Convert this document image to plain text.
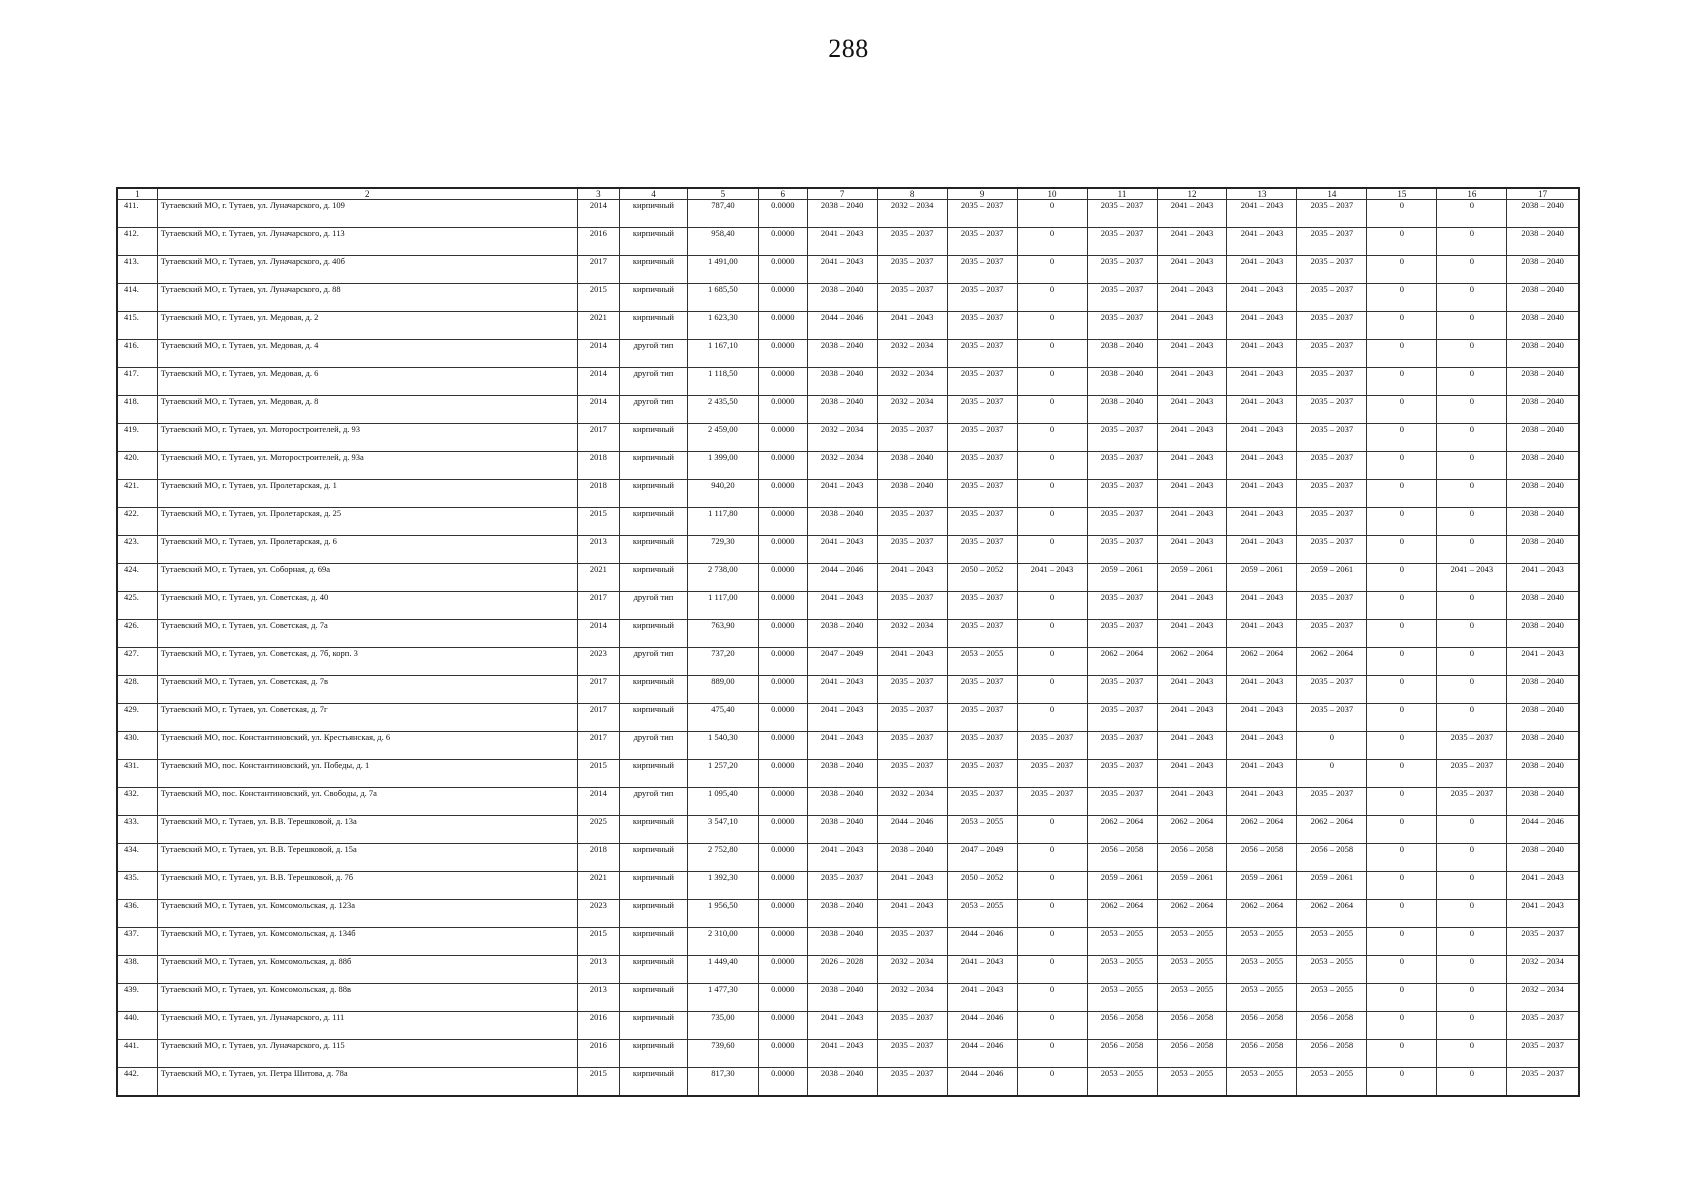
288
1	2	3	4	5	6	7	8	9	10	11	12	13	14	15	16	17
411.	Тутаевский МО, г. Тутаев, ул. Луначарского, д. 109	2014	кирпичный	787,40	0.0000	2038 – 2040	2032 – 2034	2035 – 2037	0	2035 – 2037	2041 – 2043	2041 – 2043	2035 – 2037	0	0	2038 – 2040
412.	Тутаевский МО, г. Тутаев, ул. Луначарского, д. 113	2016	кирпичный	958,40	0.0000	2041 – 2043	2035 – 2037	2035 – 2037	0	2035 – 2037	2041 – 2043	2041 – 2043	2035 – 2037	0	0	2038 – 2040
413.	Тутаевский МО, г. Тутаев, ул. Луначарского, д. 40б	2017	кирпичный	1 491,00	0.0000	2041 – 2043	2035 – 2037	2035 – 2037	0	2035 – 2037	2041 – 2043	2041 – 2043	2035 – 2037	0	0	2038 – 2040
414.	Тутаевский МО, г. Тутаев, ул. Луначарского, д. 88	2015	кирпичный	1 685,50	0.0000	2038 – 2040	2035 – 2037	2035 – 2037	0	2035 – 2037	2041 – 2043	2041 – 2043	2035 – 2037	0	0	2038 – 2040
415.	Тутаевский МО, г. Тутаев, ул. Медовая, д. 2	2021	кирпичный	1 623,30	0.0000	2044 – 2046	2041 – 2043	2035 – 2037	0	2035 – 2037	2041 – 2043	2041 – 2043	2035 – 2037	0	0	2038 – 2040
416.	Тутаевский МО, г. Тутаев, ул. Медовая, д. 4	2014	другой тип	1 167,10	0.0000	2038 – 2040	2032 – 2034	2035 – 2037	0	2038 – 2040	2041 – 2043	2041 – 2043	2035 – 2037	0	0	2038 – 2040
417.	Тутаевский МО, г. Тутаев, ул. Медовая, д. 6	2014	другой тип	1 118,50	0.0000	2038 – 2040	2032 – 2034	2035 – 2037	0	2038 – 2040	2041 – 2043	2041 – 2043	2035 – 2037	0	0	2038 – 2040
418.	Тутаевский МО, г. Тутаев, ул. Медовая, д. 8	2014	другой тип	2 435,50	0.0000	2038 – 2040	2032 – 2034	2035 – 2037	0	2038 – 2040	2041 – 2043	2041 – 2043	2035 – 2037	0	0	2038 – 2040
419.	Тутаевский МО, г. Тутаев, ул. Моторостроителей, д. 93	2017	кирпичный	2 459,00	0.0000	2032 – 2034	2035 – 2037	2035 – 2037	0	2035 – 2037	2041 – 2043	2041 – 2043	2035 – 2037	0	0	2038 – 2040
420.	Тутаевский МО, г. Тутаев, ул. Моторостроителей, д. 93а	2018	кирпичный	1 399,00	0.0000	2032 – 2034	2038 – 2040	2035 – 2037	0	2035 – 2037	2041 – 2043	2041 – 2043	2035 – 2037	0	0	2038 – 2040
421.	Тутаевский МО, г. Тутаев, ул. Пролетарская, д. 1	2018	кирпичный	940,20	0.0000	2041 – 2043	2038 – 2040	2035 – 2037	0	2035 – 2037	2041 – 2043	2041 – 2043	2035 – 2037	0	0	2038 – 2040
422.	Тутаевский МО, г. Тутаев, ул. Пролетарская, д. 25	2015	кирпичный	1 117,80	0.0000	2038 – 2040	2035 – 2037	2035 – 2037	0	2035 – 2037	2041 – 2043	2041 – 2043	2035 – 2037	0	0	2038 – 2040
423.	Тутаевский МО, г. Тутаев, ул. Пролетарская, д. 6	2013	кирпичный	729,30	0.0000	2041 – 2043	2035 – 2037	2035 – 2037	0	2035 – 2037	2041 – 2043	2041 – 2043	2035 – 2037	0	0	2038 – 2040
424.	Тутаевский МО, г. Тутаев, ул. Соборная, д. 69а	2021	кирпичный	2 738,00	0.0000	2044 – 2046	2041 – 2043	2050 – 2052	2041 – 2043	2059 – 2061	2059 – 2061	2059 – 2061	2059 – 2061	0	2041 – 2043	2041 – 2043
425.	Тутаевский МО, г. Тутаев, ул. Советская, д. 40	2017	другой тип	1 117,00	0.0000	2041 – 2043	2035 – 2037	2035 – 2037	0	2035 – 2037	2041 – 2043	2041 – 2043	2035 – 2037	0	0	2038 – 2040
426.	Тутаевский МО, г. Тутаев, ул. Советская, д. 7а	2014	кирпичный	763,90	0.0000	2038 – 2040	2032 – 2034	2035 – 2037	0	2035 – 2037	2041 – 2043	2041 – 2043	2035 – 2037	0	0	2038 – 2040
427.	Тутаевский МО, г. Тутаев, ул. Советская, д. 7б, корп. 3	2023	другой тип	737,20	0.0000	2047 – 2049	2041 – 2043	2053 – 2055	0	2062 – 2064	2062 – 2064	2062 – 2064	2062 – 2064	0	0	2041 – 2043
428.	Тутаевский МО, г. Тутаев, ул. Советская, д. 7в	2017	кирпичный	889,00	0.0000	2041 – 2043	2035 – 2037	2035 – 2037	0	2035 – 2037	2041 – 2043	2041 – 2043	2035 – 2037	0	0	2038 – 2040
429.	Тутаевский МО, г. Тутаев, ул. Советская, д. 7г	2017	кирпичный	475,40	0.0000	2041 – 2043	2035 – 2037	2035 – 2037	0	2035 – 2037	2041 – 2043	2041 – 2043	2035 – 2037	0	0	2038 – 2040
430.	Тутаевский МО, пос. Константиновский, ул. Крестьянская, д. 6	2017	другой тип	1 540,30	0.0000	2041 – 2043	2035 – 2037	2035 – 2037	2035 – 2037	2035 – 2037	2041 – 2043	2041 – 2043	0	0	2035 – 2037	2038 – 2040
431.	Тутаевский МО, пос. Константиновский, ул. Победы, д. 1	2015	кирпичный	1 257,20	0.0000	2038 – 2040	2035 – 2037	2035 – 2037	2035 – 2037	2035 – 2037	2041 – 2043	2041 – 2043	0	0	2035 – 2037	2038 – 2040
432.	Тутаевский МО, пос. Константиновский, ул. Свободы, д. 7а	2014	другой тип	1 095,40	0.0000	2038 – 2040	2032 – 2034	2035 – 2037	2035 – 2037	2035 – 2037	2041 – 2043	2041 – 2043	2035 – 2037	0	2035 – 2037	2038 – 2040
433.	Тутаевский МО, г. Тутаев, ул. В.В. Терешковой, д. 13а	2025	кирпичный	3 547,10	0.0000	2038 – 2040	2044 – 2046	2053 – 2055	0	2062 – 2064	2062 – 2064	2062 – 2064	2062 – 2064	0	0	2044 – 2046
434.	Тутаевский МО, г. Тутаев, ул. В.В. Терешковой, д. 15а	2018	кирпичный	2 752,80	0.0000	2041 – 2043	2038 – 2040	2047 – 2049	0	2056 – 2058	2056 – 2058	2056 – 2058	2056 – 2058	0	0	2038 – 2040
435.	Тутаевский МО, г. Тутаев, ул. В.В. Терешковой, д. 7б	2021	кирпичный	1 392,30	0.0000	2035 – 2037	2041 – 2043	2050 – 2052	0	2059 – 2061	2059 – 2061	2059 – 2061	2059 – 2061	0	0	2041 – 2043
436.	Тутаевский МО, г. Тутаев, ул. Комсомольская, д. 123а	2023	кирпичный	1 956,50	0.0000	2038 – 2040	2041 – 2043	2053 – 2055	0	2062 – 2064	2062 – 2064	2062 – 2064	2062 – 2064	0	0	2041 – 2043
437.	Тутаевский МО, г. Тутаев, ул. Комсомольская, д. 134б	2015	кирпичный	2 310,00	0.0000	2038 – 2040	2035 – 2037	2044 – 2046	0	2053 – 2055	2053 – 2055	2053 – 2055	2053 – 2055	0	0	2035 – 2037
438.	Тутаевский МО, г. Тутаев, ул. Комсомольская, д. 88б	2013	кирпичный	1 449,40	0.0000	2026 – 2028	2032 – 2034	2041 – 2043	0	2053 – 2055	2053 – 2055	2053 – 2055	2053 – 2055	0	0	2032 – 2034
439.	Тутаевский МО, г. Тутаев, ул. Комсомольская, д. 88в	2013	кирпичный	1 477,30	0.0000	2038 – 2040	2032 – 2034	2041 – 2043	0	2053 – 2055	2053 – 2055	2053 – 2055	2053 – 2055	0	0	2032 – 2034
440.	Тутаевский МО, г. Тутаев, ул. Луначарского, д. 111	2016	кирпичный	735,00	0.0000	2041 – 2043	2035 – 2037	2044 – 2046	0	2056 – 2058	2056 – 2058	2056 – 2058	2056 – 2058	0	0	2035 – 2037
441.	Тутаевский МО, г. Тутаев, ул. Луначарского, д. 115	2016	кирпичный	739,60	0.0000	2041 – 2043	2035 – 2037	2044 – 2046	0	2056 – 2058	2056 – 2058	2056 – 2058	2056 – 2058	0	0	2035 – 2037
442.	Тутаевский МО, г. Тутаев, ул. Петра Шитова, д. 78а	2015	кирпичный	817,30	0.0000	2038 – 2040	2035 – 2037	2044 – 2046	0	2053 – 2055	2053 – 2055	2053 – 2055	2053 – 2055	0	0	2035 – 2037
